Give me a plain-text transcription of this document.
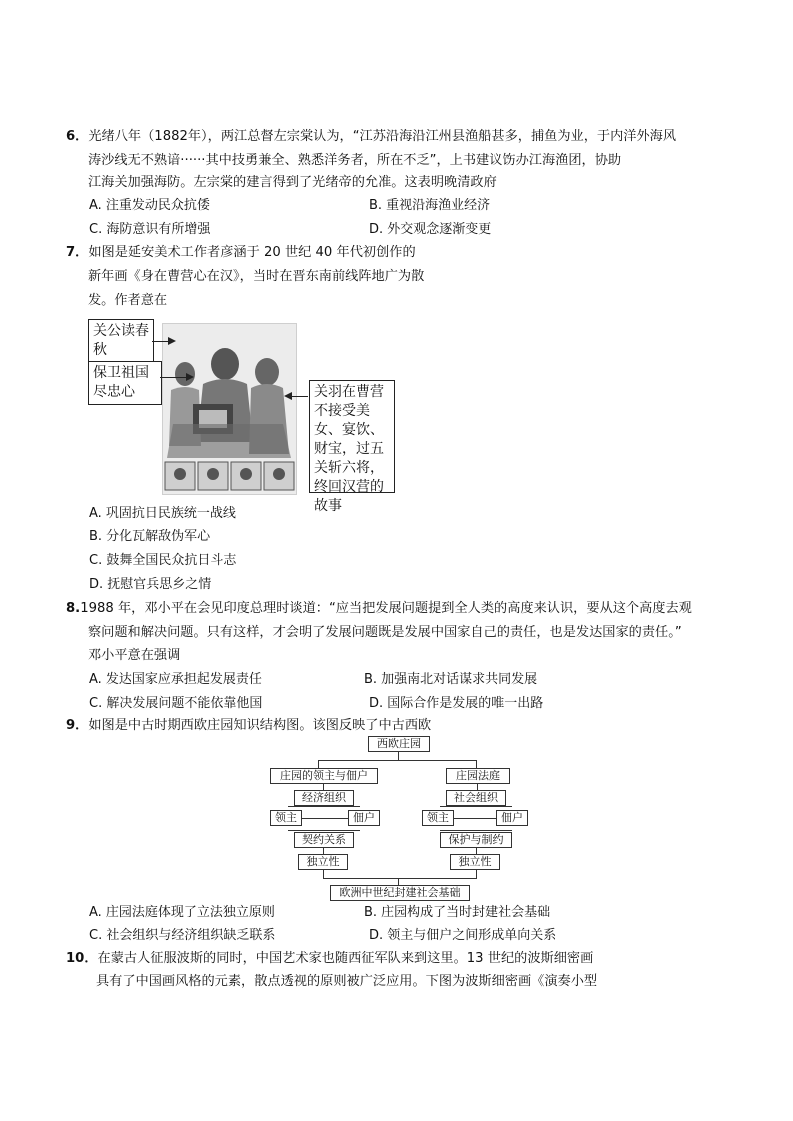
6．光绪八年（1882年），两江总督左宗棠认为，“江苏沿海沿江州县渔船甚多，捕鱼为业，于内洋外海风
涛沙线无不熟谙······其中技勇兼全、熟悉洋务者，所在不乏”，上书建议饬办江海渔团，协助
江海关加强海防。左宗棠的建言得到了光绪帝的允准。这表明晚清政府
A. 注重发动民众抗倭	B. 重视沿海渔业经济
C. 海防意识有所增强	D. 外交观念逐渐变更
7．如图是延安美术工作者彦涵于 20 世纪 40 年代初创作的
新年画《身在曹营心在汉》，当时在晋东南前线阵地广为散
发。作者意在
关公读春秋
保卫祖国尽忠心	关羽在曹营不接受美女、宴饮、财宝，过五关斩六将，终回汉营的故事
A. 巩固抗日民族统一战线
B. 分化瓦解敌伪军心
C. 鼓舞全国民众抗日斗志
D. 抚慰官兵思乡之情
8.1988 年，邓小平在会见印度总理时谈道：“应当把发展问题提到全人类的高度来认识，要从这个高度去观
察问题和解决问题。只有这样，才会明了发展问题既是发展中国家自己的责任，也是发达国家的责任。”
邓小平意在强调
A. 发达国家应承担起发展责任	B. 加强南北对话谋求共同发展
C. 解决发展问题不能依靠他国	D. 国际合作是发展的唯一出路
9．如图是中古时期西欧庄园知识结构图。该图反映了中古西欧
西欧庄园
庄园的领主与佃户	庄园法庭
经济组织	社会组织
领主	佃户	领主	佃户
契约关系	保护与制约
独立性	独立性
欧洲中世纪封建社会基础
A. 庄园法庭体现了立法独立原则	B. 庄园构成了当时封建社会基础
C. 社会组织与经济组织缺乏联系	D. 领主与佃户之间形成单向关系
10．在蒙古人征服波斯的同时，中国艺术家也随西征军队来到这里。13 世纪的波斯细密画
具有了中国画风格的元素，散点透视的原则被广泛应用。下图为波斯细密画《演奏小型
